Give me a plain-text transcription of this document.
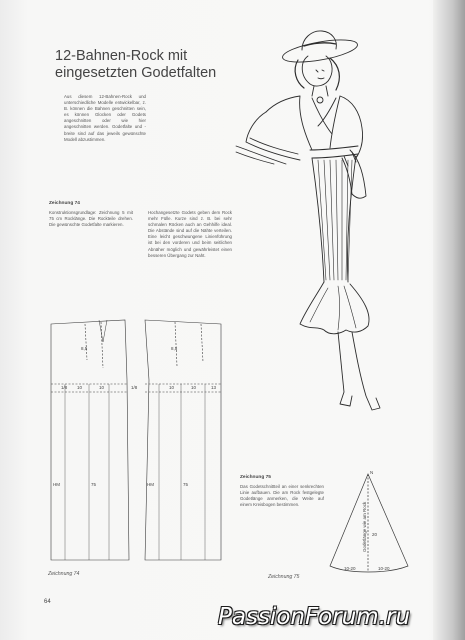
12-Bahnen-Rock mit
eingesetzten Godetfalten
Aus diesem 12-Bahnen-Rock und unterschiedliche Modelle entwickelbar, z. B. können die Bahnen geschnitten sein, es können Glocken oder Godets angeschnitten oder wie hier angeschnitten werden. Godetfalte und -breite sind auf das jeweils gewünschte Modell abzustimmen.
Zeichnung 74
Konstruktionsgrundlage: Zeichnung 5 mit 75 cm Rocklänge. Die Rockteile drehen. Die gewünschte Godetfalte markieren.
Hochangesetzte Godets geben dem Rock mehr Fülle. Kurze sind z. B. bei sehr schmalen Röcken auch an Gehhilfe ideal. Die Abstände sind auf die Nähte verteilen. Eine leicht geschwungene Linienführung ist bei den vorderen und beim seitlichen Abnäher möglich und gewährleistet einen besseren Übergang zur Naht.
1/8 10	10	1/8	10	10	13
75
HM	75
HM
8,5	8,5
Zeichnung 74
Zeichnung 75
Das Godetschnittteil an einer senkrechten Linie aufbauen. Die am Rock festgelegte Godetlänge anmerken, die Weite auf einem Kreisbogen bestimmen.
N
Godetlänge wie am Rock 20
10-20	10-20
Zeichnung 75
64
PassionForum.ru
